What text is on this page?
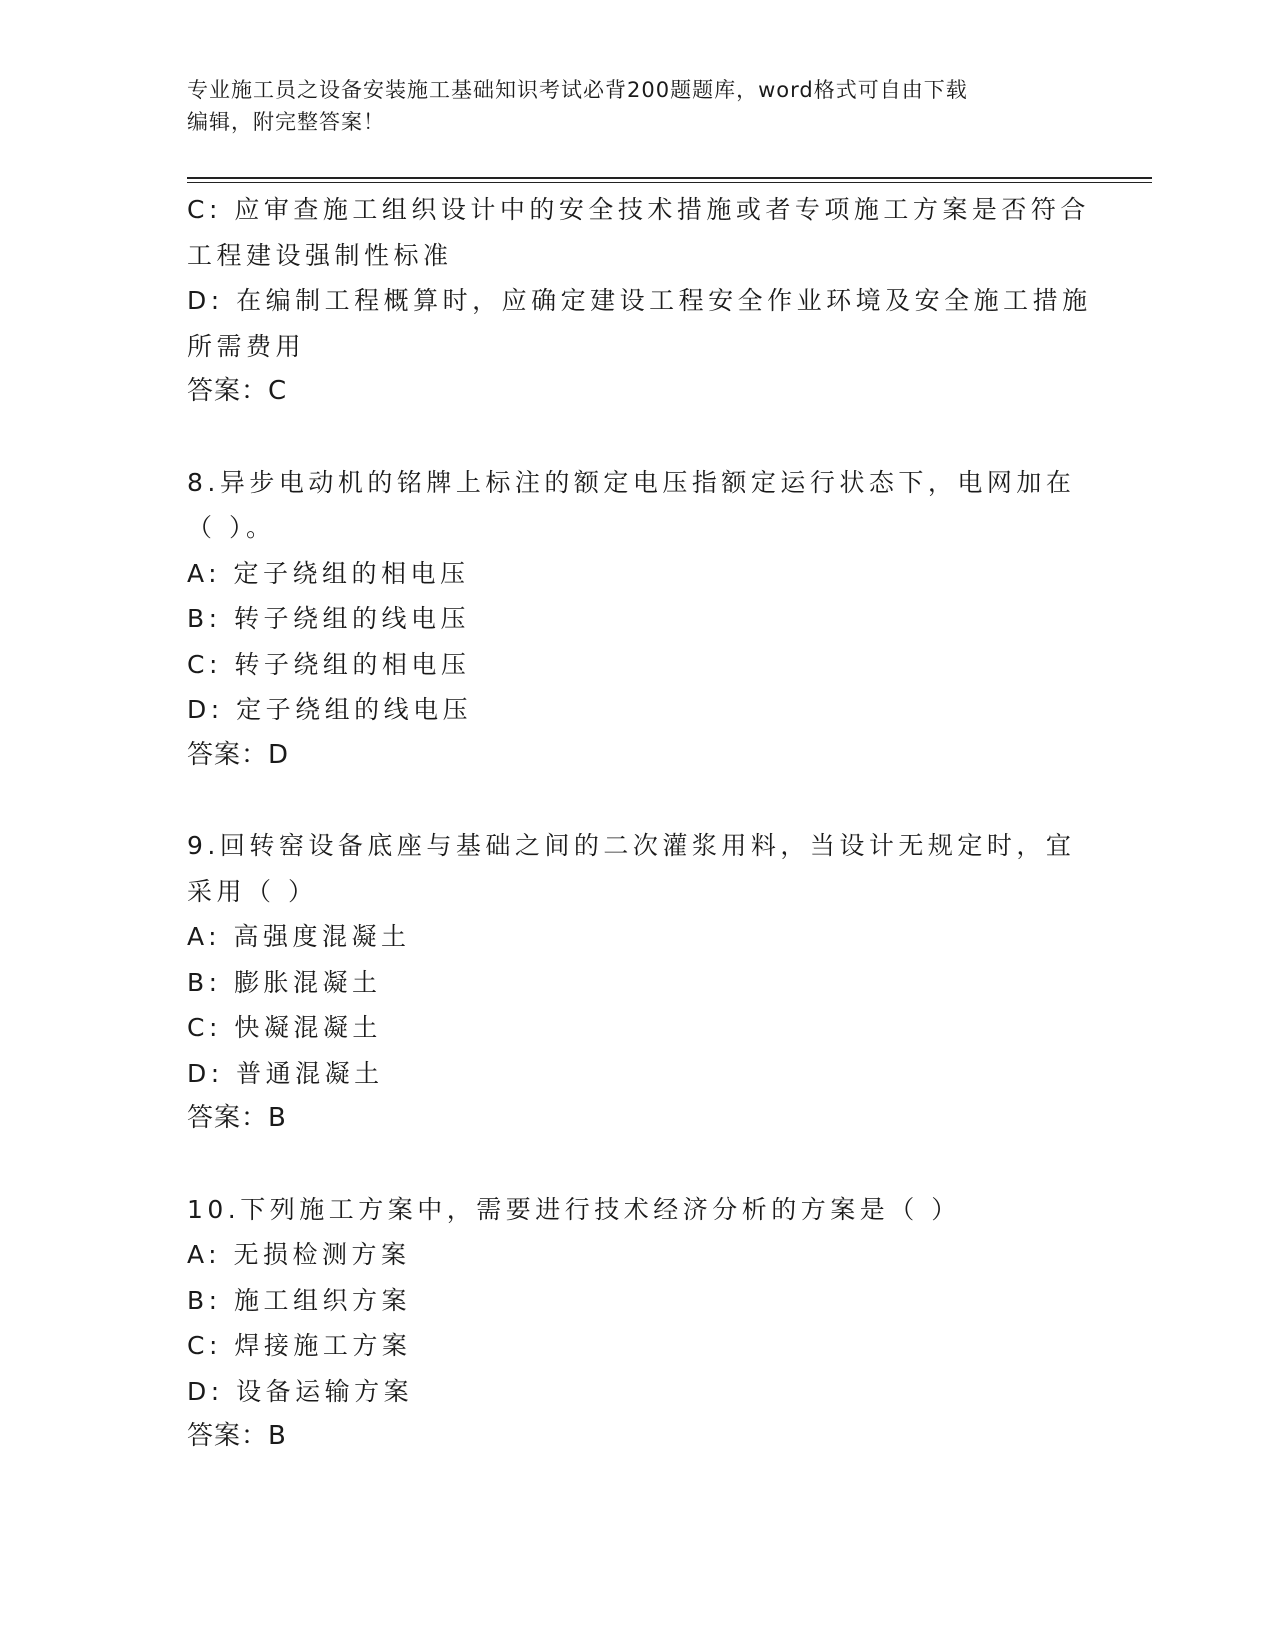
专业施工员之设备安装施工基础知识考试必背200题题库，word格式可自由下载
编辑，附完整答案！
C: 应审查施工组织设计中的安全技术措施或者专项施工方案是否符合
工程建设强制性标准
D: 在编制工程概算时，应确定建设工程安全作业环境及安全施工措施
所需费用
答案：C
8.异步电动机的铭牌上标注的额定电压指额定运行状态下，电网加在
（ ）。
A: 定子绕组的相电压
B: 转子绕组的线电压
C: 转子绕组的相电压
D: 定子绕组的线电压
答案：D
9.回转窑设备底座与基础之间的二次灌浆用料，当设计无规定时，宜
采用（ ）
A: 高强度混凝土
B: 膨胀混凝土
C: 快凝混凝土
D: 普通混凝土
答案：B
10.下列施工方案中，需要进行技术经济分析的方案是（ ）
A: 无损检测方案
B: 施工组织方案
C: 焊接施工方案
D: 设备运输方案
答案：B
